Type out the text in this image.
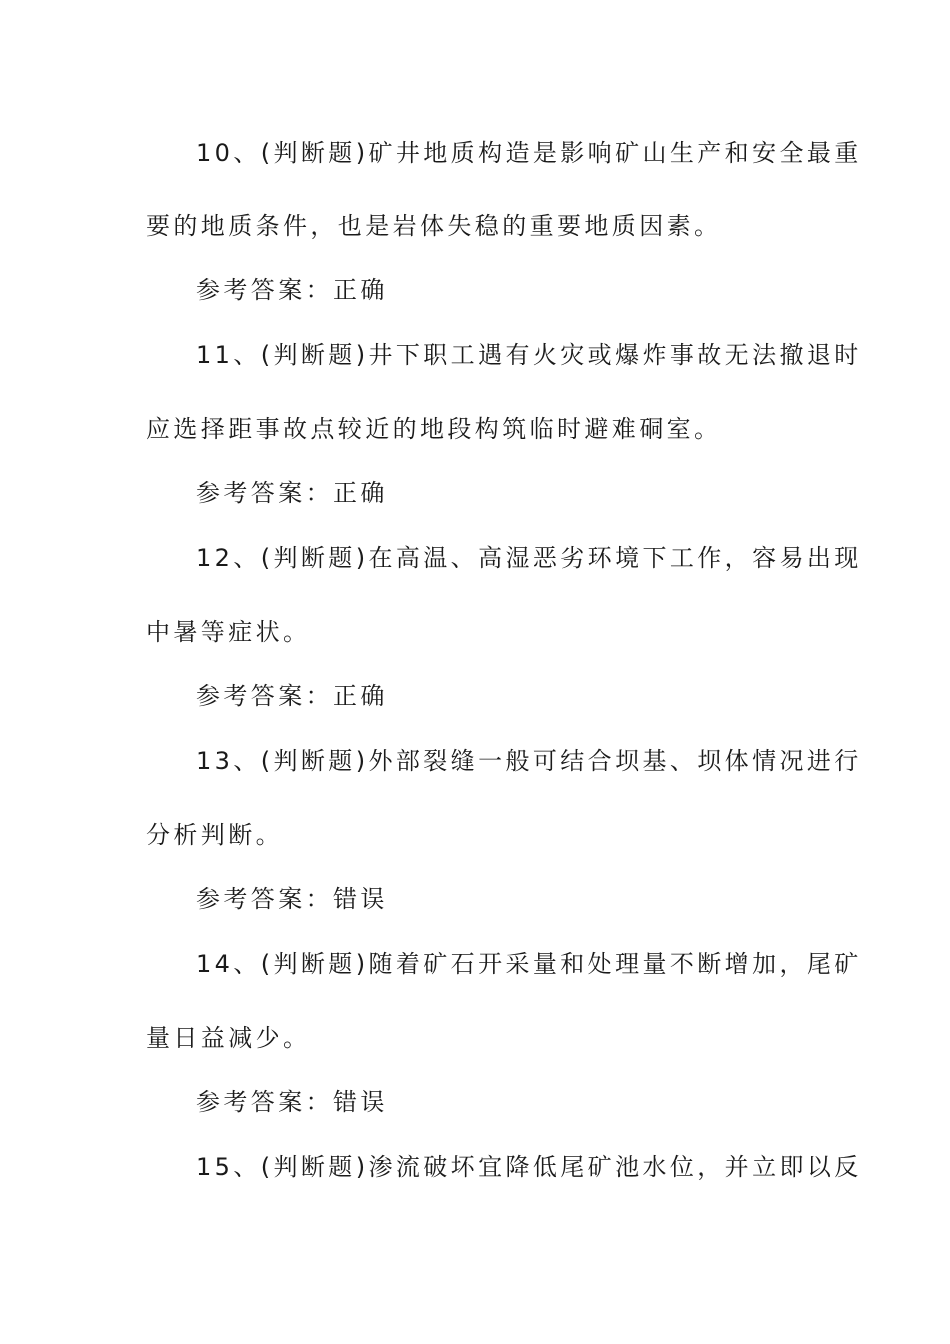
10、(判断题)矿井地质构造是影响矿山生产和安全最重
要的地质条件，也是岩体失稳的重要地质因素。
参考答案：正确
11、(判断题)井下职工遇有火灾或爆炸事故无法撤退时
应选择距事故点较近的地段构筑临时避难硐室。
参考答案：正确
12、(判断题)在高温、高湿恶劣环境下工作，容易出现
中暑等症状。
参考答案：正确
13、(判断题)外部裂缝一般可结合坝基、坝体情况进行
分析判断。
参考答案：错误
14、(判断题)随着矿石开采量和处理量不断增加，尾矿
量日益减少。
参考答案：错误
15、(判断题)渗流破坏宜降低尾矿池水位，并立即以反
